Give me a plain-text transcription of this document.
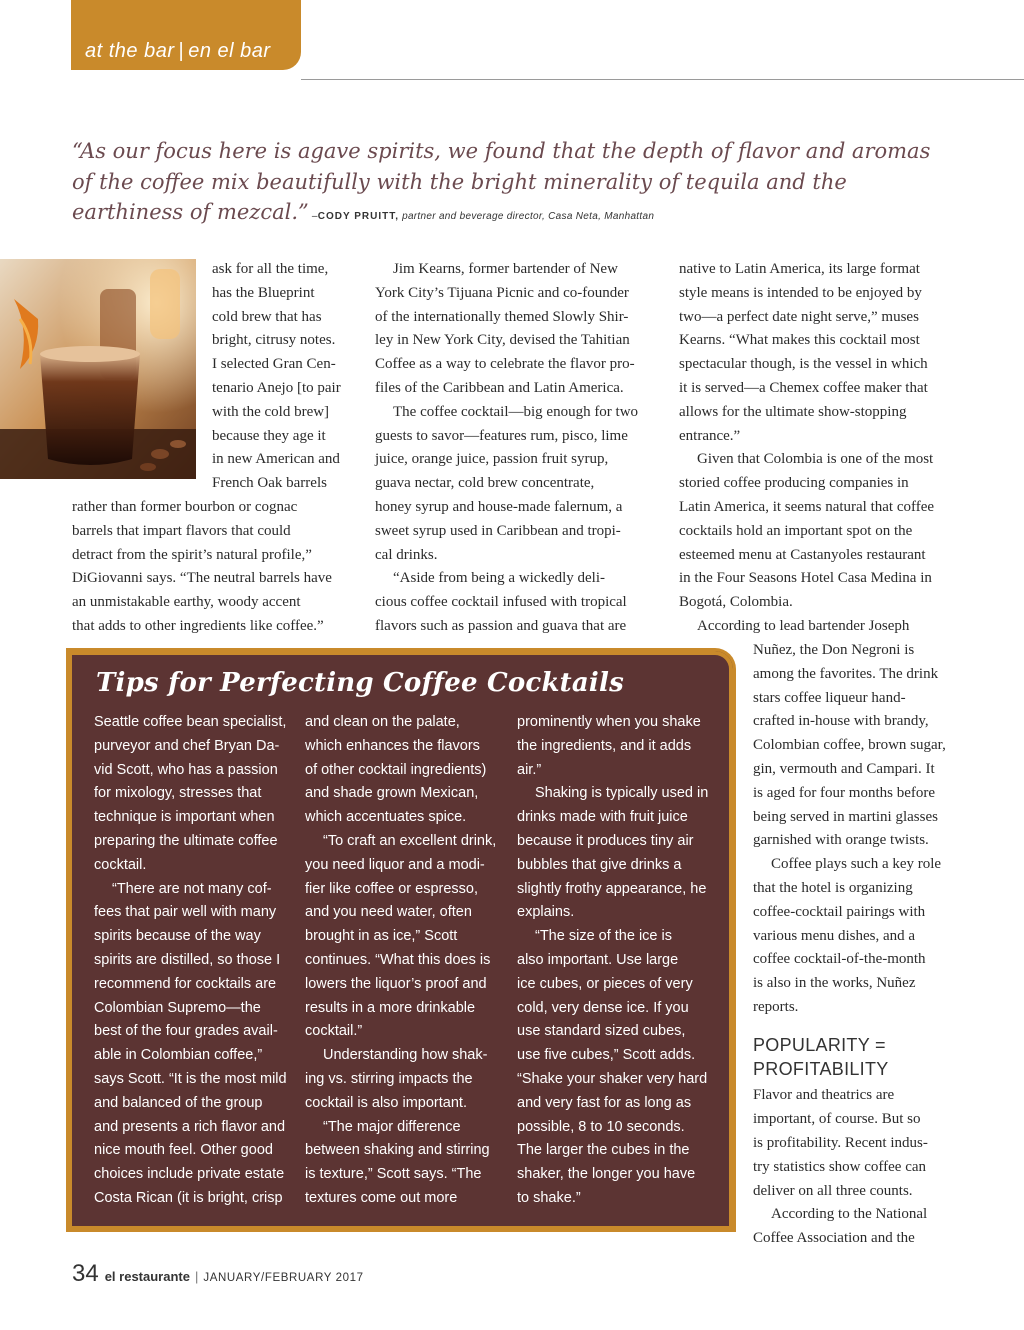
at the bar | en el bar
“As our focus here is agave spirits, we found that the depth of flavor and aromas of the coffee mix beautifully with the bright minerality of tequila and the earthiness of mezcal.” –CODY PRUITT, partner and beverage director, Casa Neta, Manhattan
ask for all the time,
has the Blueprint
cold brew that has
bright, citrusy notes.
I selected Gran Cen-
tenario Anejo [to pair
with the cold brew]
because they age it
in new American and
French Oak barrels
rather than former bourbon or cognac
barrels that impart flavors that could
detract from the spirit’s natural profile,”
DiGiovanni says. “The neutral barrels have
an unmistakable earthy, woody accent
that adds to other ingredients like coffee.”

Jim Kearns, former bartender of New
York City’s Tijuana Picnic and co-founder
of the internationally themed Slowly Shir-
ley in New York City, devised the Tahitian
Coffee as a way to celebrate the flavor pro-
files of the Caribbean and Latin America.

The coffee cocktail—big enough for two
guests to savor—features rum, pisco, lime
juice, orange juice, passion fruit syrup,
guava nectar, cold brew concentrate,
honey syrup and house-made falernum, a
sweet syrup used in Caribbean and tropi-
cal drinks.

“Aside from being a wickedly deli-
cious coffee cocktail infused with tropical
flavors such as passion and guava that are

native to Latin America, its large format
style means is intended to be enjoyed by
two—a perfect date night serve,” muses
Kearns. “What makes this cocktail most
spectacular though, is the vessel in which
it is served—a Chemex coffee maker that
allows for the ultimate show-stopping
entrance.”

Given that Colombia is one of the most
storied coffee producing companies in
Latin America, it seems natural that coffee
cocktails hold an important spot on the
esteemed menu at Castanyoles restaurant
in the Four Seasons Hotel Casa Medina in
Bogotá, Colombia.

According to lead bartender Joseph

Nuñez, the Don Negroni is
among the favorites. The drink
stars coffee liqueur hand-
crafted in-house with brandy,
Colombian coffee, brown sugar,
gin, vermouth and Campari. It
is aged for four months before
being served in martini glasses
garnished with orange twists.

Coffee plays such a key role
that the hotel is organizing
coffee-cocktail pairings with
various menu dishes, and a
coffee cocktail-of-the-month
is also in the works, Nuñez
reports.

POPULARITY = PROFITABILITY

Flavor and theatrics are
important, of course. But so
is profitability. Recent indus-
try statistics show coffee can
deliver on all three counts.

According to the National
Coffee Association and the

Tips for Perfecting Coffee Cocktails

Seattle coffee bean specialist,
purveyor and chef Bryan Da-
vid Scott, who has a passion
for mixology, stresses that
technique is important when
preparing the ultimate coffee
cocktail.

“There are not many cof-
fees that pair well with many
spirits because of the way
spirits are distilled, so those I
recommend for cocktails are
Colombian Supremo—the
best of the four grades avail-
able in Colombian coffee,”
says Scott. “It is the most mild
and balanced of the group
and presents a rich flavor and
nice mouth feel. Other good
choices include private estate
Costa Rican (it is bright, crisp

and clean on the palate,
which enhances the flavors
of other cocktail ingredients)
and shade grown Mexican,
which accentuates spice.

“To craft an excellent drink,
you need liquor and a modi-
fier like coffee or espresso,
and you need water, often
brought in as ice,” Scott
continues. “What this does is
lowers the liquor’s proof and
results in a more drinkable
cocktail.”

Understanding how shak-
ing vs. stirring impacts the
cocktail is also important.

“The major difference
between shaking and stirring
is texture,” Scott says. “The
textures come out more

prominently when you shake
the ingredients, and it adds
air.”

Shaking is typically used in
drinks made with fruit juice
because it produces tiny air
bubbles that give drinks a
slightly frothy appearance, he
explains.

“The size of the ice is
also important. Use large
ice cubes, or pieces of very
cold, very dense ice. If you
use standard sized cubes,
use five cubes,” Scott adds.
“Shake your shaker very hard
and very fast for as long as
possible, 8 to 10 seconds.
The larger the cubes in the
shaker, the longer you have
to shake.”

34 el restaurante | JANUARY/FEBRUARY 2017
